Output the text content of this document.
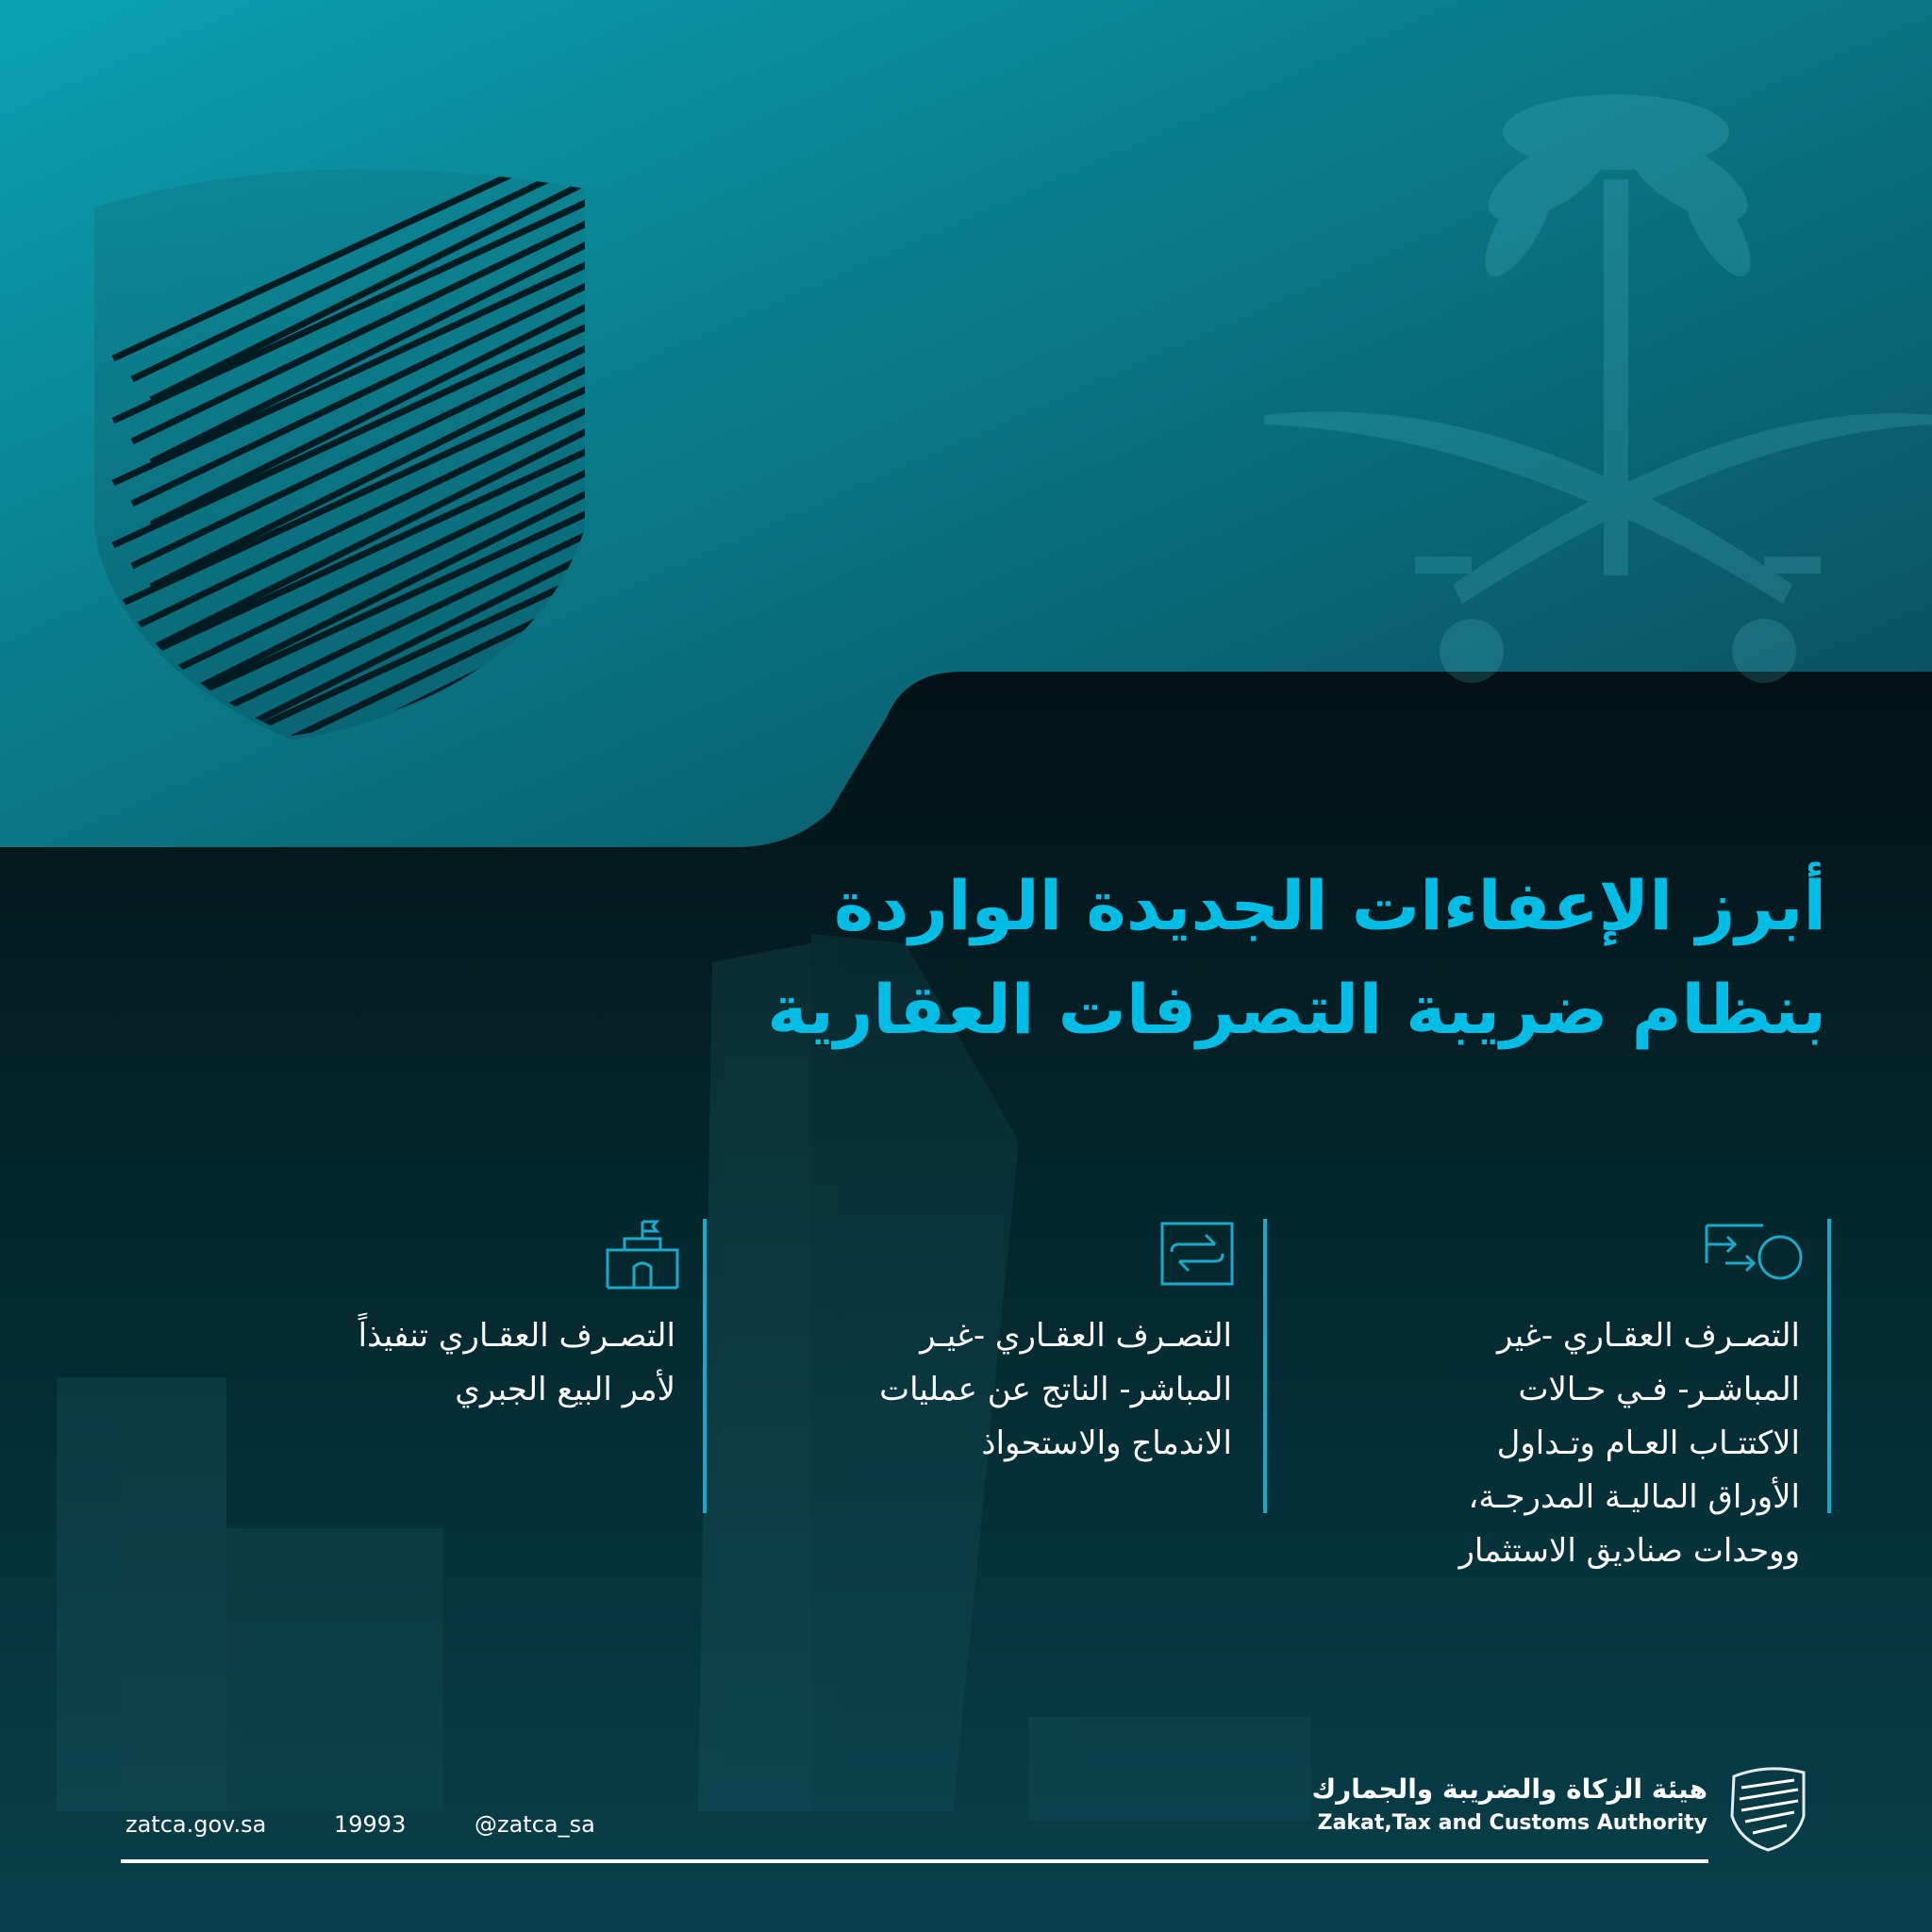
أبرز الإعفاءات الجديدة الواردة
بنظام ضريبة التصرفات العقارية
التصـرف العقـاري -غير
المباشـر- فـي حـالات
الاكتتـاب العـام وتـداول
الأوراق الماليـة المدرجـة،
ووحدات صناديق الاستثمار
التصـرف العقـاري -غيـر
المباشر- الناتج عن عمليات
الاندماج والاستحواذ
التصـرف العقـاري تنفيذاً
لأمر البيع الجبري
zatca.gov.sa	19993	@zatca_sa
هيئة الزكاة والضريبة والجمارك
Zakat,Tax and Customs Authority
